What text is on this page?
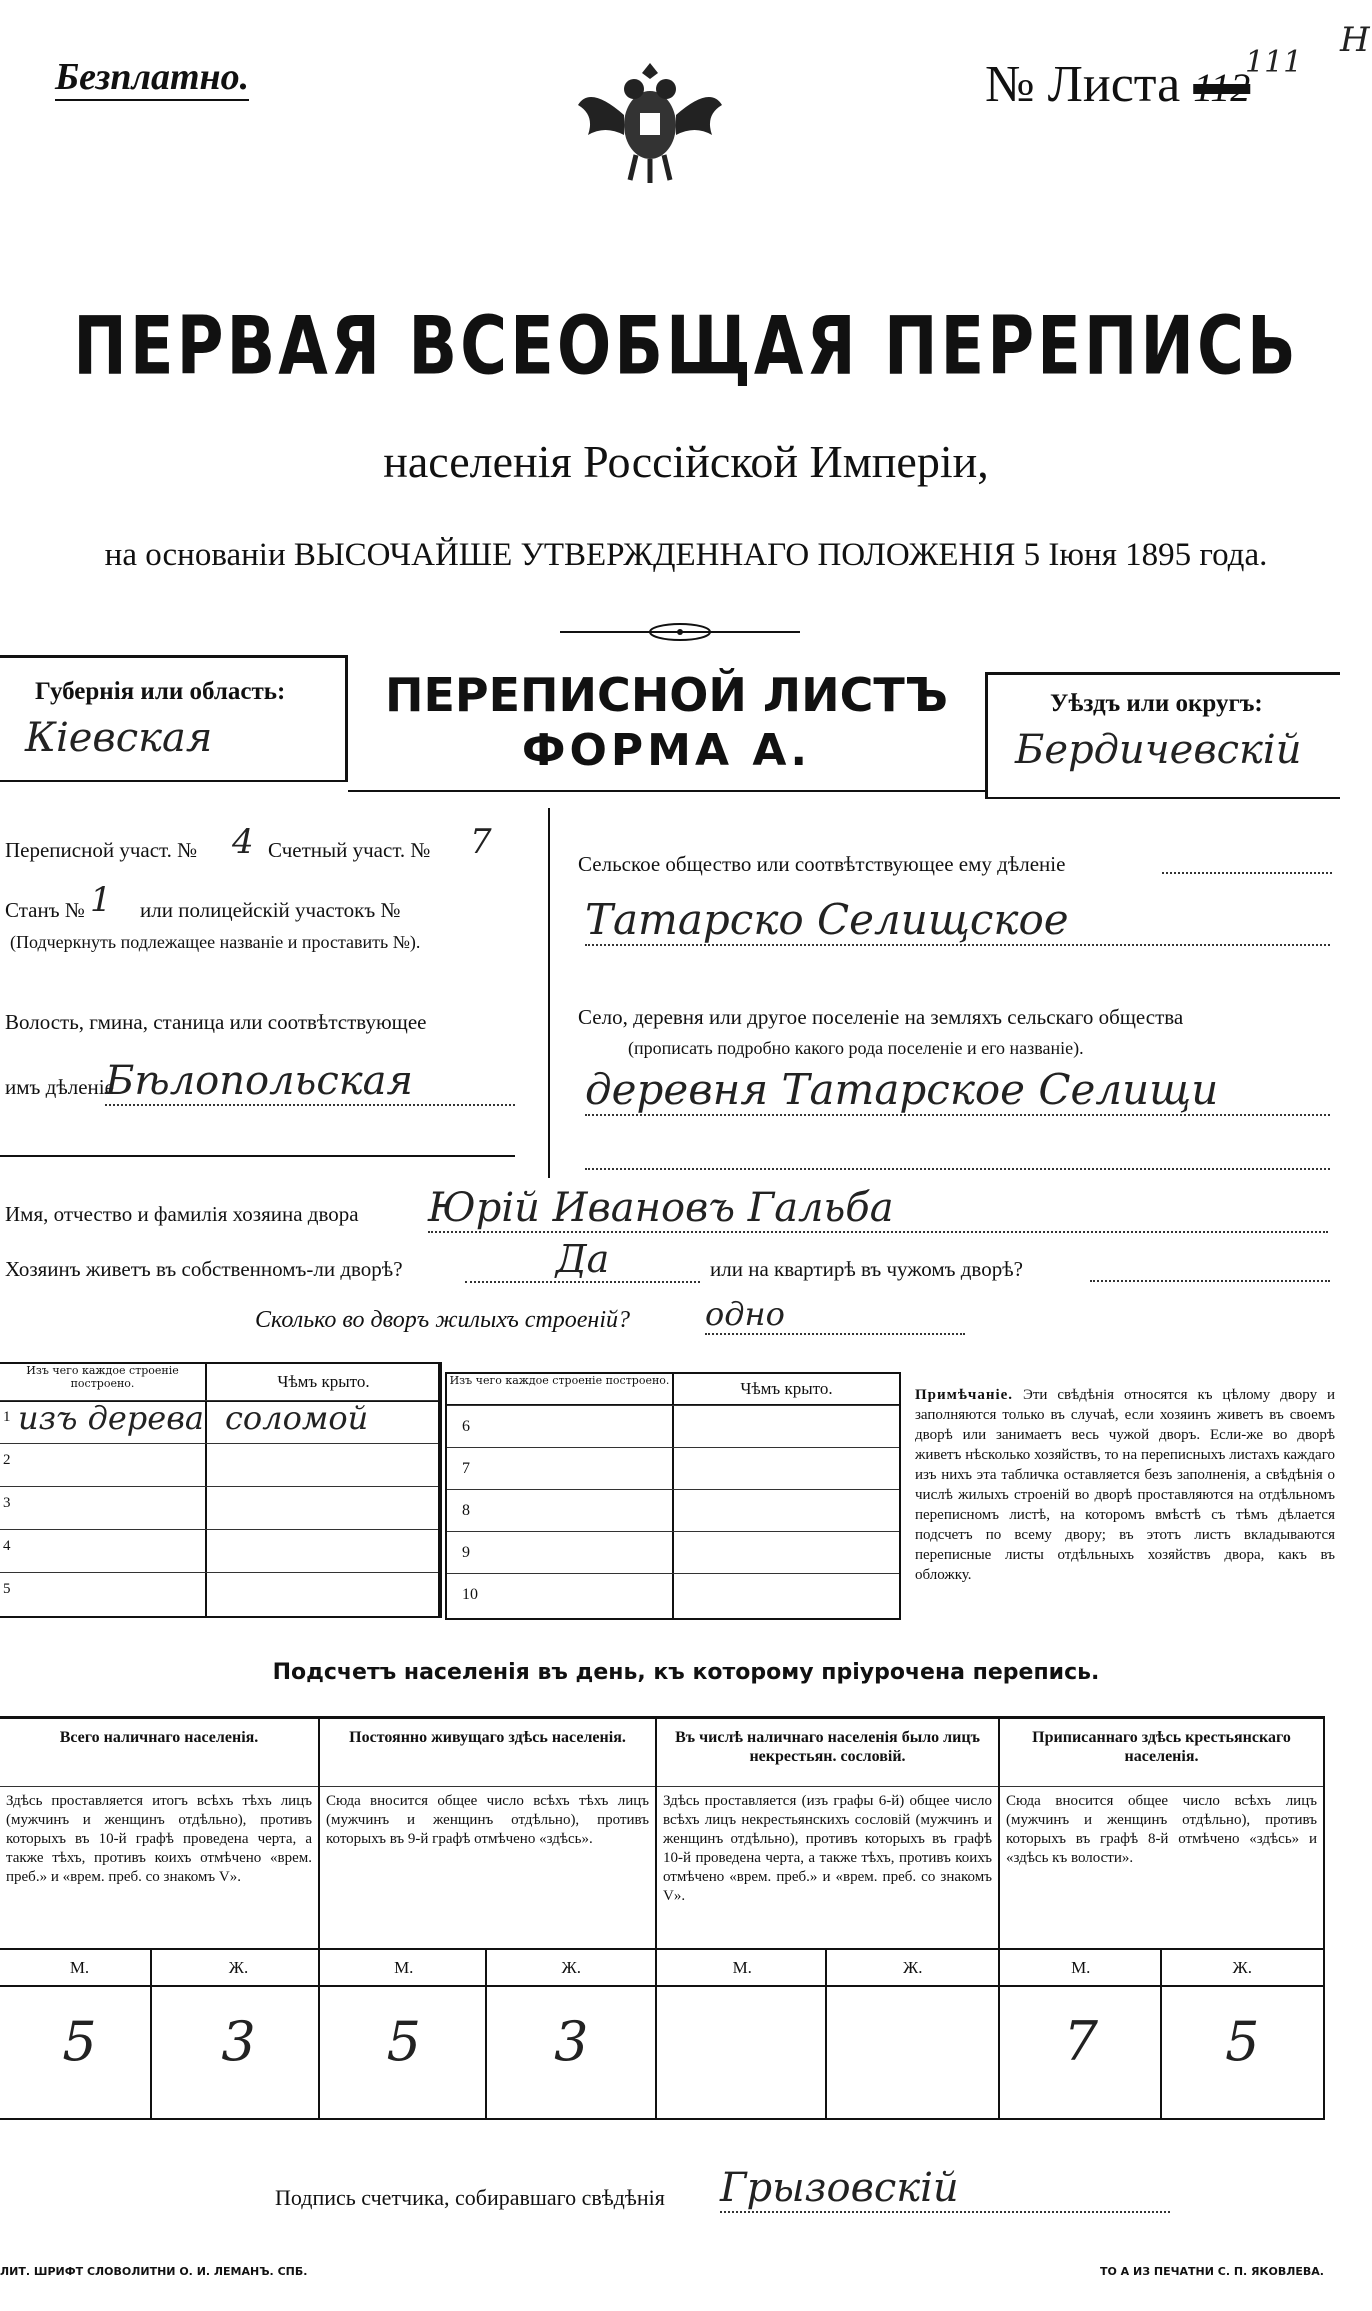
Безплатно.	№ Листа 112
111
Н
ПЕРВАЯ ВСЕОБЩАЯ ПЕРЕПИСЬ
населенія Россійской Имперіи,
на основаніи ВЫСОЧАЙШЕ УТВЕРЖДЕННАГО ПОЛОЖЕНІЯ 5 Іюня 1895 года.
Губернія или область:
Кіевская
ПЕРЕПИСНОЙ ЛИСТЪ
ФОРМА А.
Уѣздъ или округъ:
Бердичевскій
Переписной участ. № 4 Счетный участ. № 7
Станъ № 1 или полицейскій участокъ №
(Подчеркнуть подлежащее названіе и проставить №).
Волость, гмина, станица или соотвѣтствующее
имъ дѣленіе
Бѣлопольская
Сельское общество или соотвѣтствующее ему дѣленіе
Татарско Селищское
Село, деревня или другое поселеніе на земляхъ сельскаго общества
(прописать подробно какого рода поселеніе и его названіе).
деревня Татарское Селищи
Имя, отчество и фамилія хозяина двора Юрій Ивановъ Гальба
Хозяинъ живетъ въ собственномъ-ли дворѣ?	Да	или на квартирѣ въ чужомъ дворѣ?
Сколько во дворъ жилыхъ строеній? одно
Изъ чего каждое строеніе построено.	Чѣмъ крыто.
1 изъ дерева соломой
2
3
4
5
Изъ чего каждое строеніе построено.	Чѣмъ крыто.
6
7
8
9
10
Примѣчаніе. Эти свѣдѣнія относятся къ цѣлому двору и заполняются только въ случаѣ, если хозяинъ живетъ въ своемъ дворѣ или занимаетъ весь чужой дворъ. Если-же во дворѣ живетъ нѣсколько хозяйствъ, то на переписныхъ листахъ каждаго изъ нихъ эта табличка оставляется безъ заполненія, а свѣдѣнія о числѣ жилыхъ строеній во дворѣ проставляются на отдѣльномъ переписномъ листѣ, на которомъ вмѣстѣ съ тѣмъ дѣлается подсчетъ по всему двору; въ этотъ листъ вкладываются переписные листы отдѣльныхъ хозяйствъ двора, какъ въ обложку.
Подсчетъ населенія въ день, къ которому пріурочена перепись.
Всего наличнаго населенія.
Здѣсь проставляется итогъ всѣхъ тѣхъ лицъ (мужчинъ и женщинъ отдѣльно), противъ которыхъ въ 10-й графѣ проведена черта, а также тѣхъ, противъ коихъ отмѣчено «врем. преб.» и «врем. преб. со знакомъ V».
М.	Ж.
5	3
Постоянно живущаго здѣсь населенія.
Сюда вносится общее число всѣхъ тѣхъ лицъ (мужчинъ и женщинъ отдѣльно), противъ которыхъ въ 9-й графѣ отмѣчено «здѣсь».
М.	Ж.
5	3
Въ числѣ наличнаго населенія было лицъ некрестьян. сословій.
Здѣсь проставляется (изъ графы 6-й) общее число всѣхъ лицъ некрестьянскихъ сословій (мужчинъ и женщинъ отдѣльно), противъ которыхъ въ графѣ 10-й проведена черта, а также тѣхъ, противъ коихъ отмѣчено «врем. преб.» и «врем. преб. со знакомъ V».
М.	Ж.
Приписаннаго здѣсь крестьянскаго населенія.
Сюда вносится общее число всѣхъ лицъ (мужчинъ и женщинъ отдѣльно), противъ которыхъ въ графѣ 8-й отмѣчено «здѣсь» и «здѣсь къ волости».
М.	Ж.
7	5
Подпись счетчика, собиравшаго свѣдѣнія Грызовскій
ЛИТ. ШРИФТ СЛОВОЛИТНИ О. И. ЛЕМАНЪ. СПБ.	ТО А ИЗ ПЕЧАТНИ С. П. ЯКОВЛЕВА.
